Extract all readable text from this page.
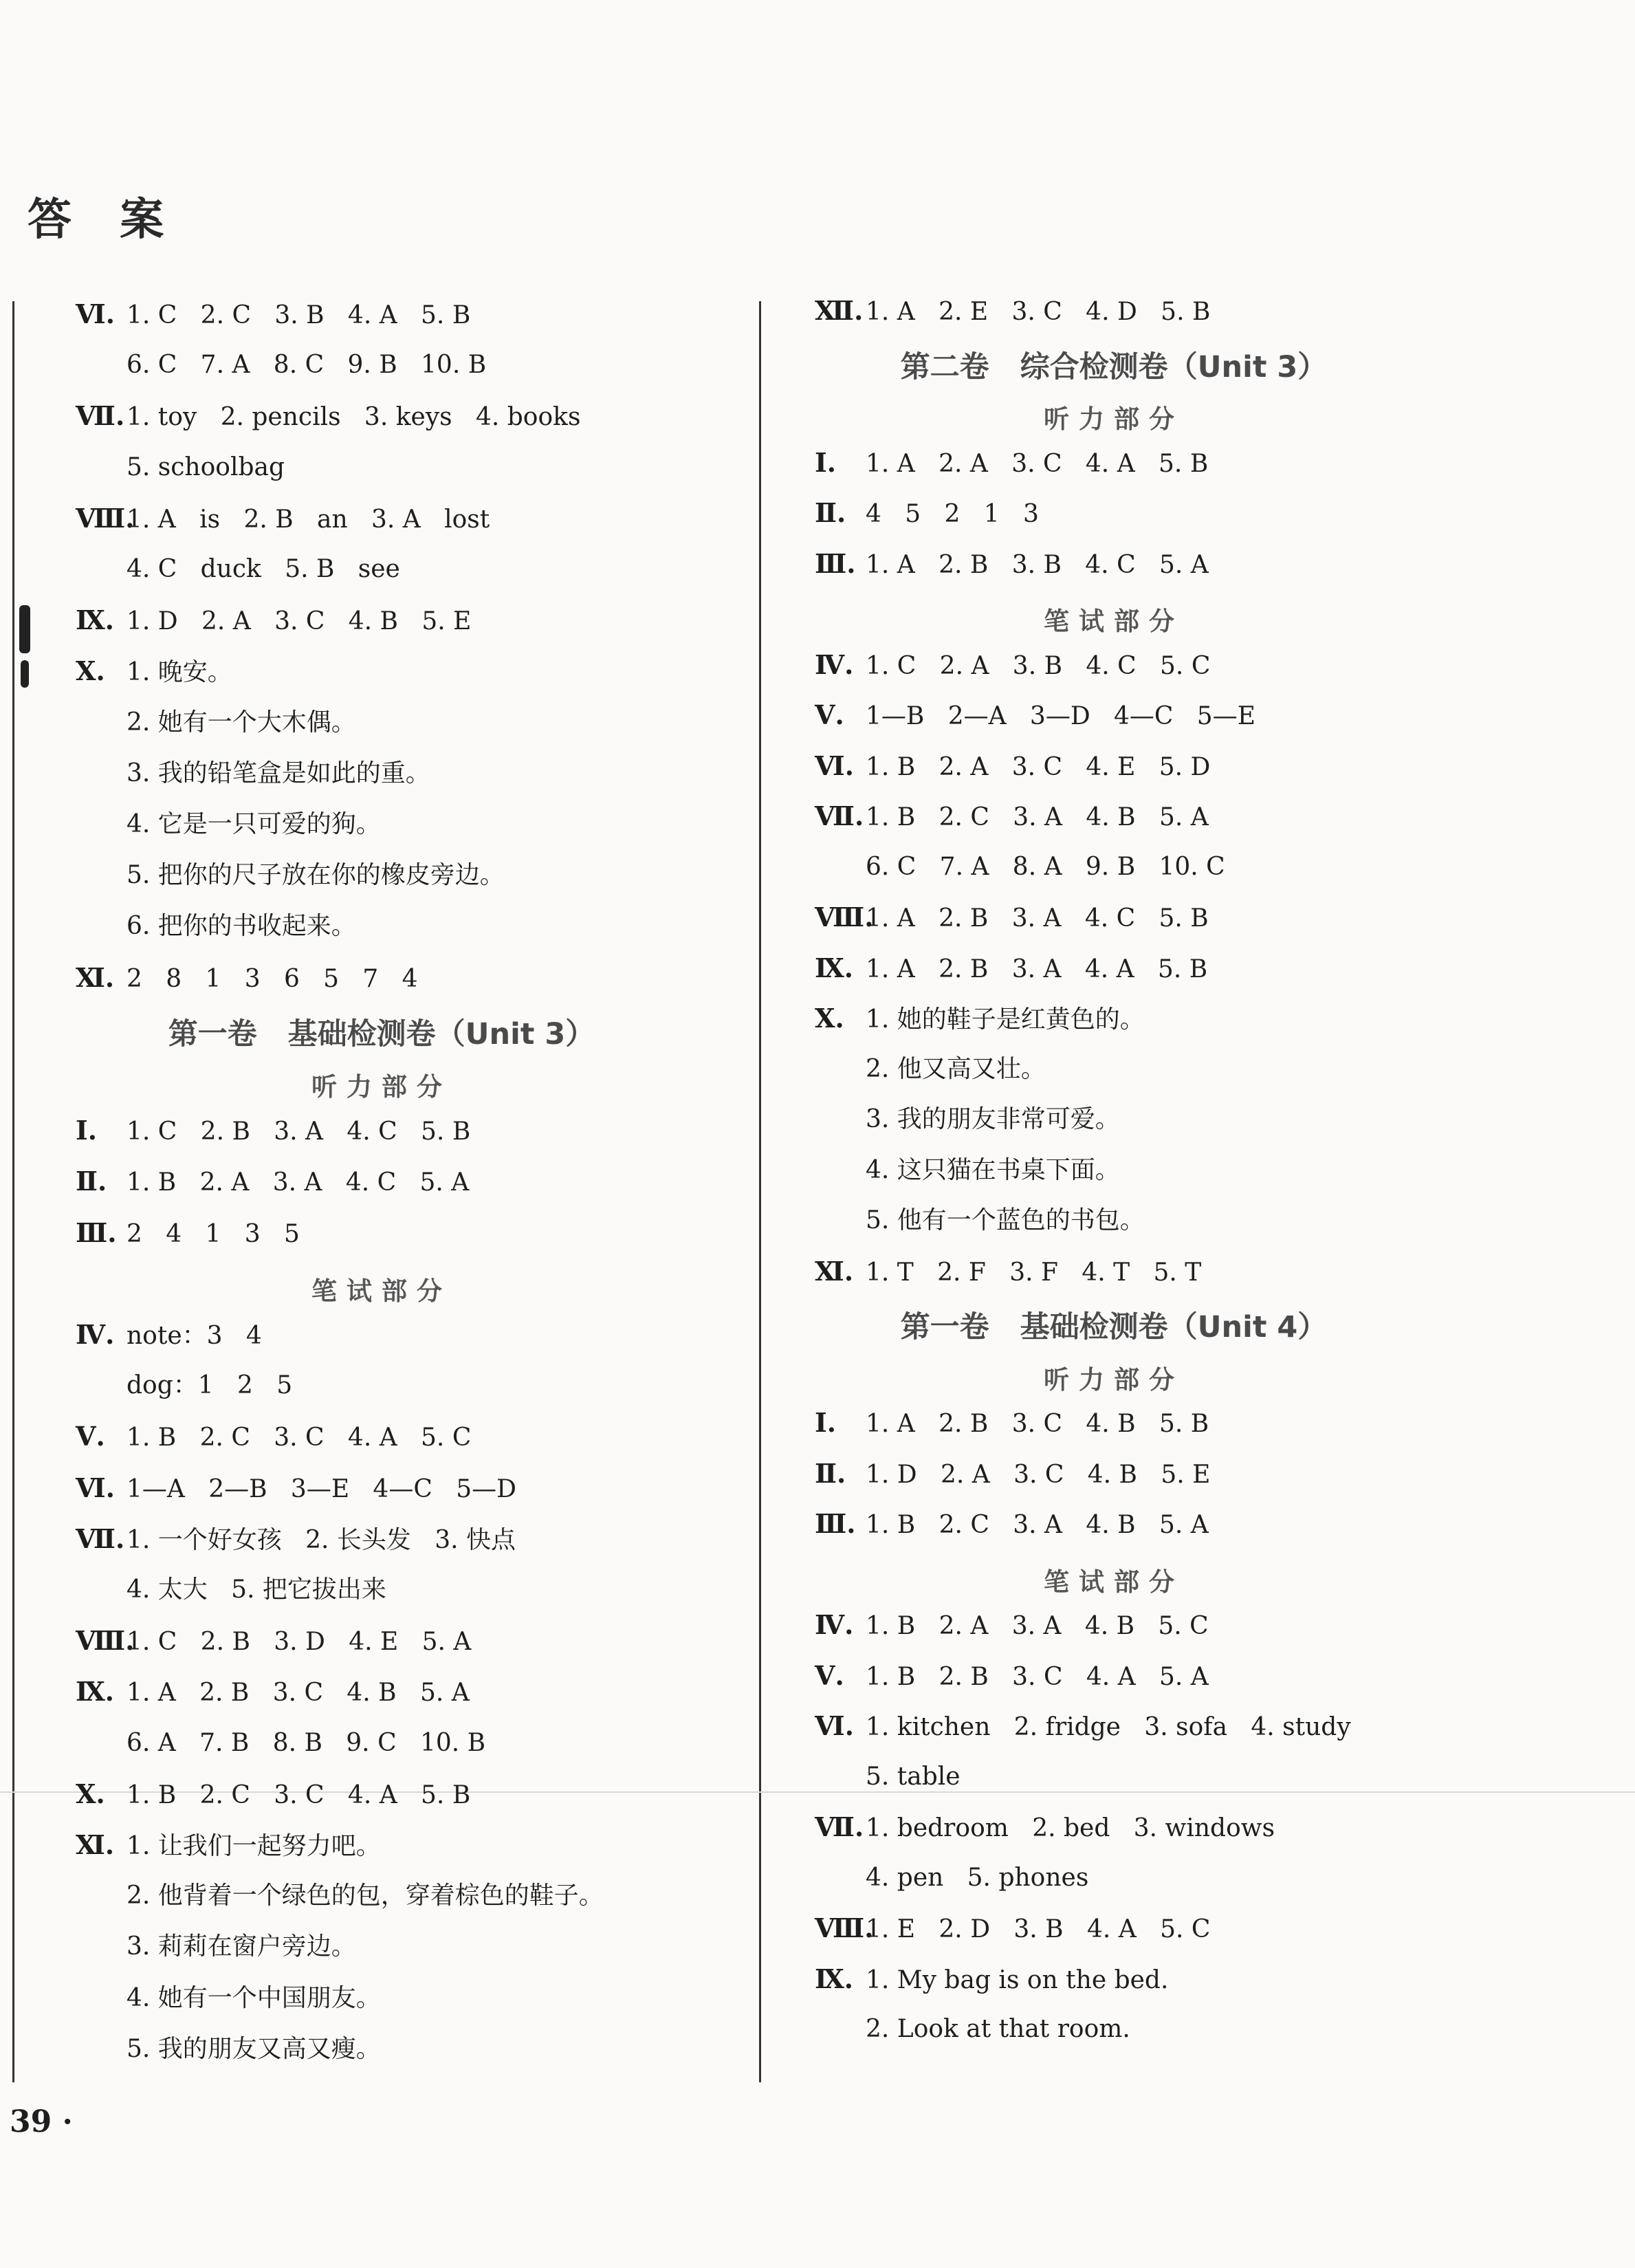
答 案
Ⅵ. 1. C   2. C   3. B   4. A   5. B
6. C   7. A   8. C   9. B   10. B
Ⅶ.1. toy   2. pencils   3. keys   4. books
5. schoolbag
Ⅷ.1. A   is   2. B   an   3. A   lost
4. C   duck   5. B   see
Ⅸ. 1. D   2. A   3. C   4. B   5. E
Ⅹ. 1. 晚安。
2. 她有一个大木偶。
3. 我的铅笔盒是如此的重。
4. 它是一只可爱的狗。
5. 把你的尺子放在你的橡皮旁边。
6. 把你的书收起来。
Ⅺ. 2   8   1   3   6   5   7   4
第一卷   基础检测卷（Unit 3）
听力部分
Ⅰ. 1. C   2. B   3. A   4. C   5. B
Ⅱ. 1. B   2. A   3. A   4. C   5. A
Ⅲ. 2   4   1   3   5
笔试部分
Ⅳ. note：3   4
dog：1   2   5
Ⅴ. 1. B   2. C   3. C   4. A   5. C
Ⅵ. 1—A   2—B   3—E   4—C   5—D
Ⅶ.1. 一个好女孩   2. 长头发   3. 快点
4. 太大   5. 把它拔出来
Ⅷ.1. C   2. B   3. D   4. E   5. A
Ⅸ. 1. A   2. B   3. C   4. B   5. A
6. A   7. B   8. B   9. C   10. B
Ⅹ. 1. B   2. C   3. C   4. A   5. B
Ⅺ. 1. 让我们一起努力吧。
2. 他背着一个绿色的包，穿着棕色的鞋子。
3. 莉莉在窗户旁边。
4. 她有一个中国朋友。
5. 我的朋友又高又瘦。
Ⅻ. 1. A   2. E   3. C   4. D   5. B
第二卷   综合检测卷（Unit 3）
听力部分
Ⅰ. 1. A   2. A   3. C   4. A   5. B
Ⅱ. 4   5   2   1   3
Ⅲ. 1. A   2. B   3. B   4. C   5. A
笔试部分
Ⅳ. 1. C   2. A   3. B   4. C   5. C
Ⅴ. 1—B   2—A   3—D   4—C   5—E
Ⅵ. 1. B   2. A   3. C   4. E   5. D
Ⅶ.1. B   2. C   3. A   4. B   5. A
6. C   7. A   8. A   9. B   10. C
Ⅷ.1. A   2. B   3. A   4. C   5. B
Ⅸ. 1. A   2. B   3. A   4. A   5. B
Ⅹ. 1. 她的鞋子是红黄色的。
2. 他又高又壮。
3. 我的朋友非常可爱。
4. 这只猫在书桌下面。
5. 他有一个蓝色的书包。
Ⅺ. 1. T   2. F   3. F   4. T   5. T
第一卷   基础检测卷（Unit 4）
听力部分
Ⅰ. 1. A   2. B   3. C   4. B   5. B
Ⅱ. 1. D   2. A   3. C   4. B   5. E
Ⅲ. 1. B   2. C   3. A   4. B   5. A
笔试部分
Ⅳ. 1. B   2. A   3. A   4. B   5. C
Ⅴ. 1. B   2. B   3. C   4. A   5. A
Ⅵ. 1. kitchen   2. fridge   3. sofa   4. study
5. table
Ⅶ.1. bedroom   2. bed   3. windows
4. pen   5. phones
Ⅷ.1. E   2. D   3. B   4. A   5. C
Ⅸ. 1. My bag is on the bed.
2. Look at that room.
39 ·
